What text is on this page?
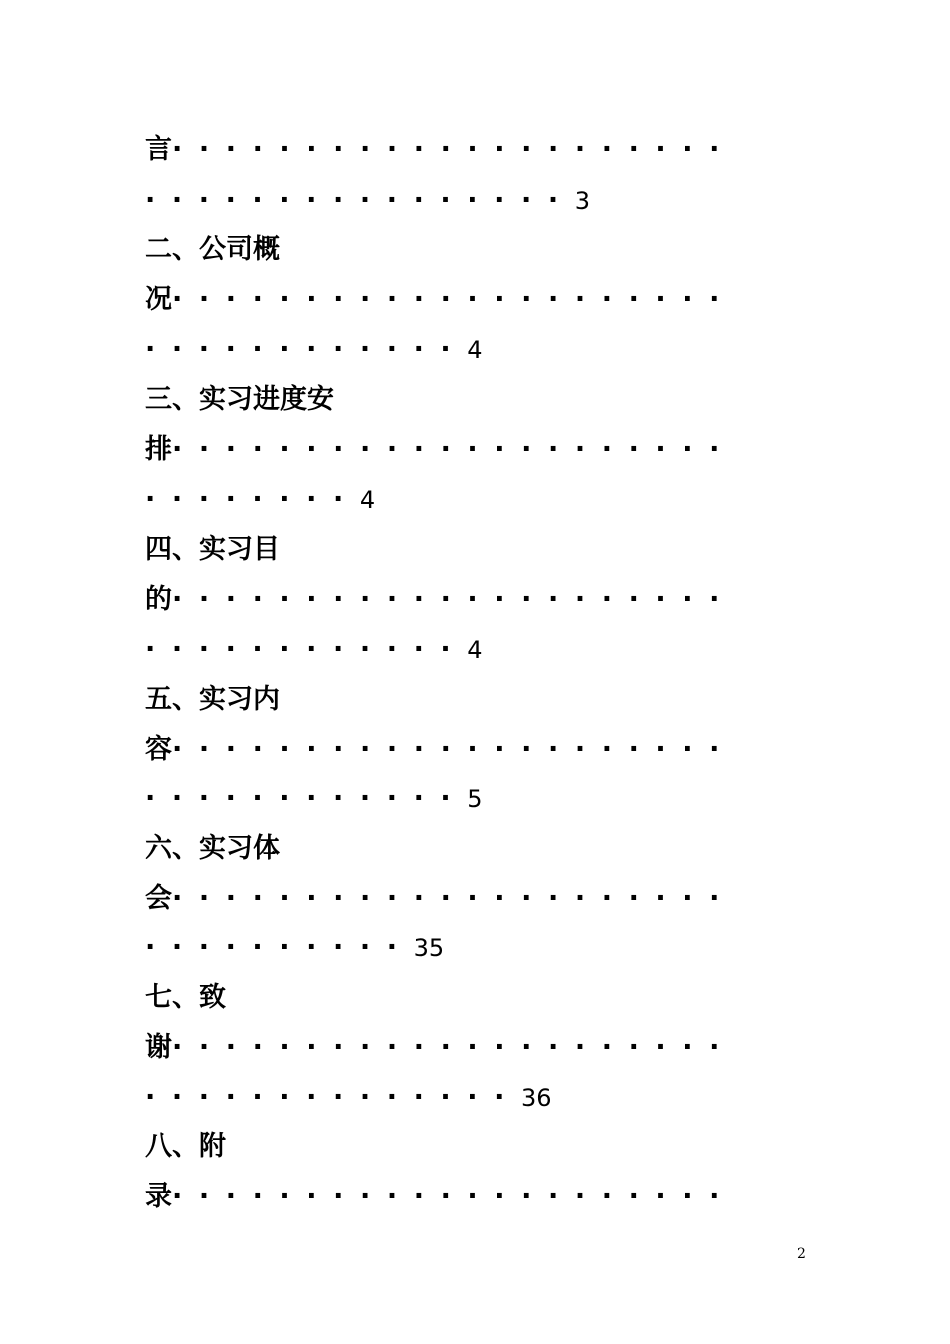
言·····················
················3
二、公司概
况·····················
············4
三、实习进度安
排·····················
········4
四、实习目
的·····················
············4
五、实习内
容·····················
············5
六、实习体
会·····················
··········35
七、致
谢·····················
··············36
八、附
录·····················
2
